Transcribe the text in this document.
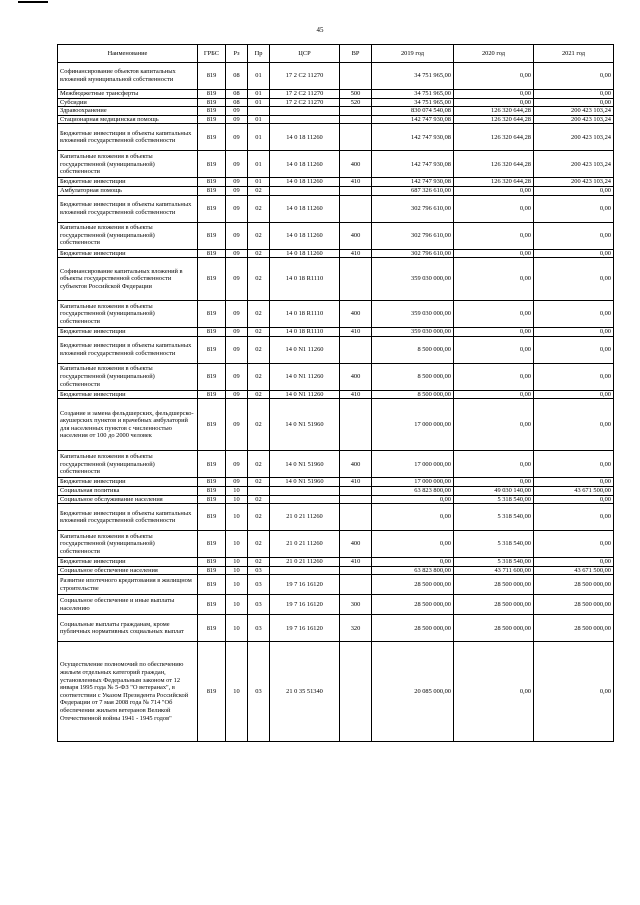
45
Наименование	ГРБС	Рз	Пр	ЦСР	ВР	2019 год	2020 год	2021 год
Софинансирование объектов капитальных вложений муниципальной собственности	819	08	01	17 2 С2 11270		34 751 965,00	0,00	0,00
Межбюджетные трансферты	819	08	01	17 2 С2 11270	500	34 751 965,00	0,00	0,00
Субсидии	819	08	01	17 2 С2 11270	520	34 751 965,00	0,00	0,00
Здравоохранение	819	09				830 074 540,08	126 320 644,28	200 423 103,24
Стационарная медицинская помощь	819	09	01			142 747 930,08	126 320 644,28	200 423 103,24
Бюджетные инвестиции в объекты капитальных вложений государственной собственности	819	09	01	14 0 18 11260		142 747 930,08	126 320 644,28	200 423 103,24
Капитальные вложения в объекты государственной (муниципальной) собственности	819	09	01	14 0 18 11260	400	142 747 930,08	126 320 644,28	200 423 103,24
Бюджетные инвестиции	819	09	01	14 0 18 11260	410	142 747 930,08	126 320 644,28	200 423 103,24
Амбулаторная помощь	819	09	02			687 326 610,00	0,00	0,00
Бюджетные инвестиции в объекты капитальных вложений государственной собственности	819	09	02	14 0 18 11260		302 796 610,00	0,00	0,00
Капитальные вложения в объекты государственной (муниципальной) собственности	819	09	02	14 0 18 11260	400	302 796 610,00	0,00	0,00
Бюджетные инвестиции	819	09	02	14 0 18 11260	410	302 796 610,00	0,00	0,00
Софинансирование капитальных вложений в объекты государственной собственности субъектов Российской Федерации	819	09	02	14 0 18 R1110		359 030 000,00	0,00	0,00
Капитальные вложения в объекты государственной (муниципальной) собственности	819	09	02	14 0 18 R1110	400	359 030 000,00	0,00	0,00
Бюджетные инвестиции	819	09	02	14 0 18 R1110	410	359 030 000,00	0,00	0,00
Бюджетные инвестиции в объекты капитальных вложений государственной собственности	819	09	02	14 0 N1 11260		8 500 000,00	0,00	0,00
Капитальные вложения в объекты государственной (муниципальной) собственности	819	09	02	14 0 N1 11260	400	8 500 000,00	0,00	0,00
Бюджетные инвестиции	819	09	02	14 0 N1 11260	410	8 500 000,00	0,00	0,00
Создание и замена фельдшерских, фельдшерско-акушерских пунктов и врачебных амбулаторий для населенных пунктов с численностью населения от 100 до 2000 человек	819	09	02	14 0 N1 51960		17 000 000,00	0,00	0,00
Капитальные вложения в объекты государственной (муниципальной) собственности	819	09	02	14 0 N1 51960	400	17 000 000,00	0,00	0,00
Бюджетные инвестиции	819	09	02	14 0 N1 51960	410	17 000 000,00	0,00	0,00
Социальная политика	819	10				63 823 800,00	49 030 140,00	43 671 500,00
Социальное обслуживание населения	819	10	02			0,00	5 318 540,00	0,00
Бюджетные инвестиции в объекты капитальных вложений государственной собственности	819	10	02	21 0 21 11260		0,00	5 318 540,00	0,00
Капитальные вложения в объекты государственной (муниципальной) собственности	819	10	02	21 0 21 11260	400	0,00	5 318 540,00	0,00
Бюджетные инвестиции	819	10	02	21 0 21 11260	410	0,00	5 318 540,00	0,00
Социальное обеспечение населения	819	10	03			63 823 800,00	43 711 600,00	43 671 500,00
Развитие ипотечного кредитования в жилищном строительстве	819	10	03	19 7 16 16120		28 500 000,00	28 500 000,00	28 500 000,00
Социальное обеспечение и иные выплаты населению	819	10	03	19 7 16 16120	300	28 500 000,00	28 500 000,00	28 500 000,00
Социальные выплаты гражданам, кроме публичных нормативных социальных выплат	819	10	03	19 7 16 16120	320	28 500 000,00	28 500 000,00	28 500 000,00
Осуществление полномочий по обеспечению жильем отдельных категорий граждан, установленных Федеральным законом от 12 января 1995 года № 5-ФЗ "О ветеранах", в соответствии с Указом Президента Российской Федерации от 7 мая 2008 года № 714 "Об обеспечении жильем ветеранов Великой Отечественной войны 1941 - 1945 годов"	819	10	03	21 0 35 51340		20 085 000,00	0,00	0,00
